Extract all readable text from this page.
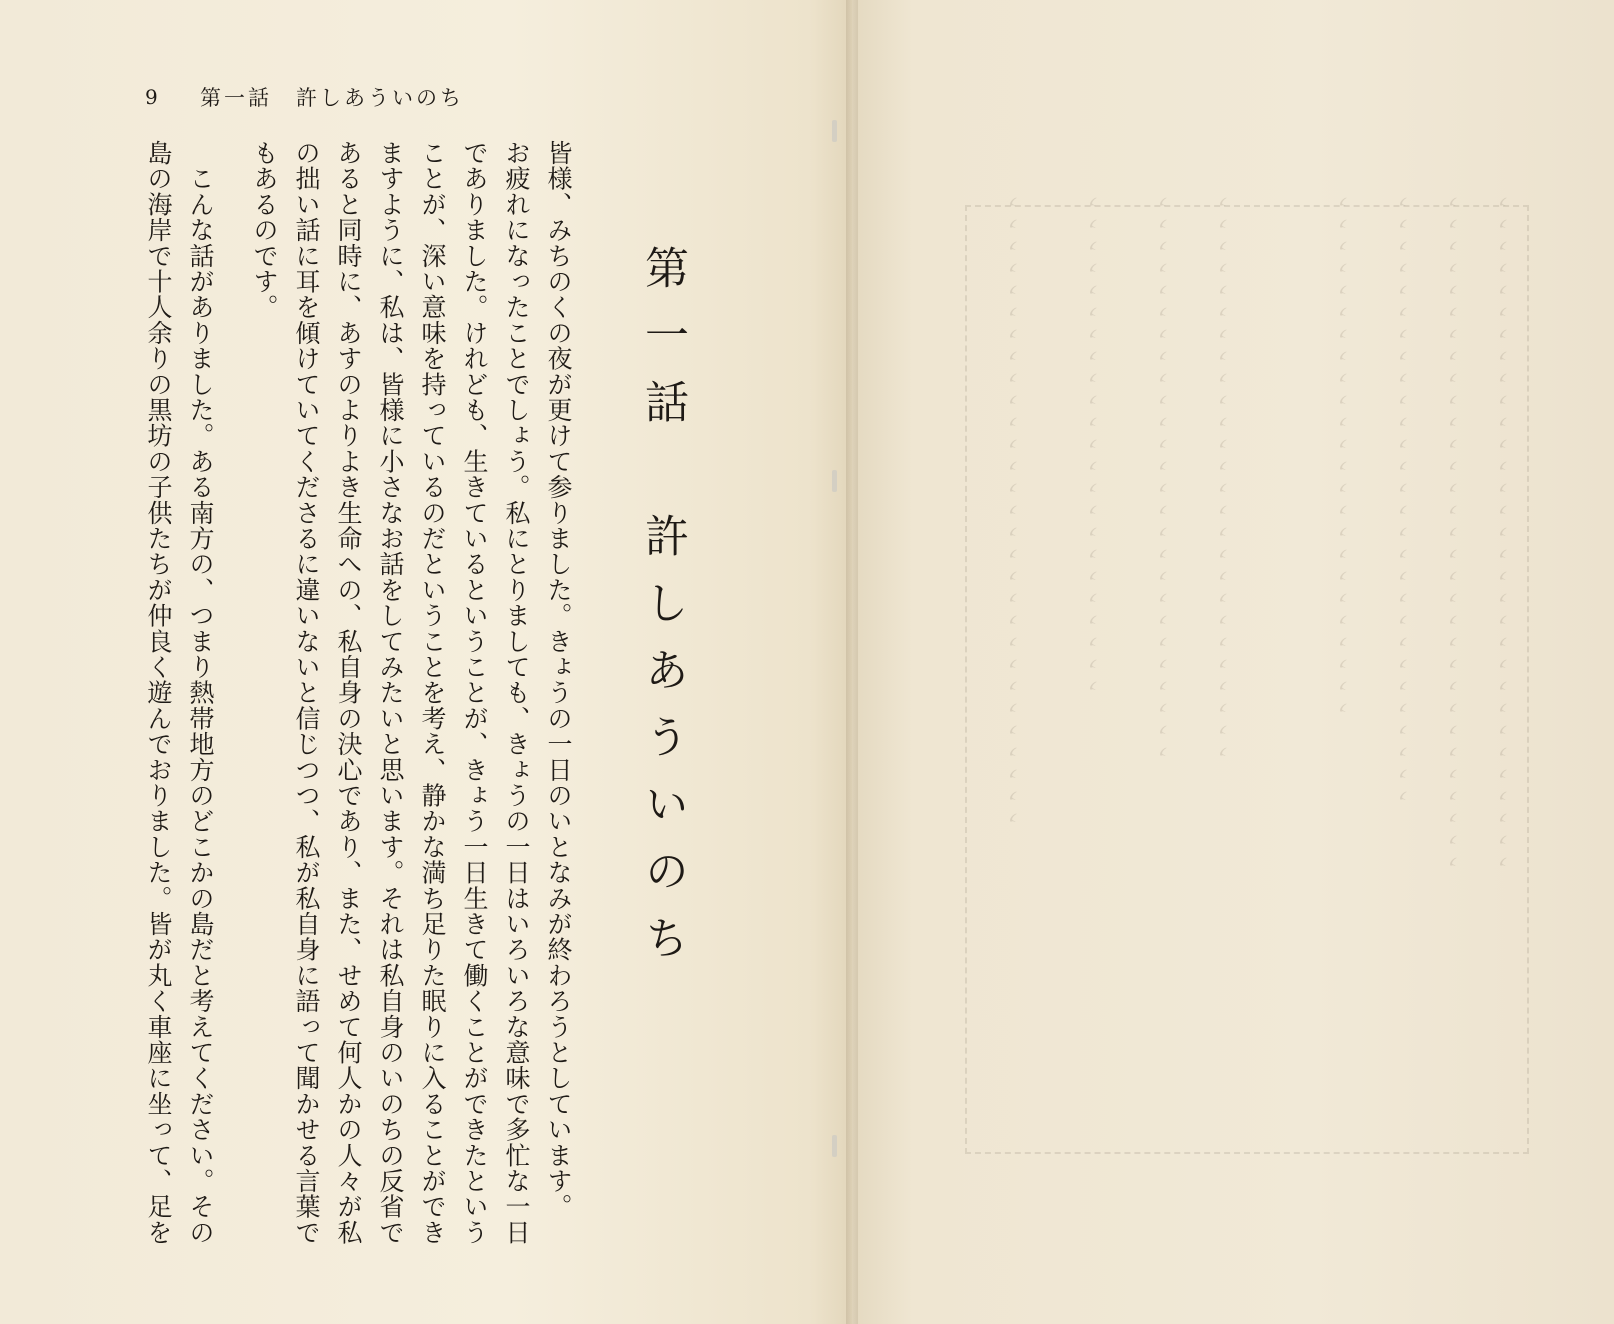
ゝゝゝゝゝゝゝゝゝゝゝゝゝゝゝゝゝゝゝゝゝゝゝゝゝゝゝゝゝゝゝ
ゝゝゝゝゝゝゝゝゝゝゝゝゝゝゝゝゝゝゝゝゝゝゝゝゝゝゝゝゝゝゝ
ゝゝゝゝゝゝゝゝゝゝゝゝゝゝゝゝゝゝゝゝゝゝゝゝゝゝゝゝ
ゝゝゝゝゝゝゝゝゝゝゝゝゝゝゝゝゝゝゝゝゝゝゝゝ
ゝゝゝゝゝゝゝゝゝゝゝゝゝゝゝゝゝゝゝゝゝゝゝゝゝゝ
ゝゝゝゝゝゝゝゝゝゝゝゝゝゝゝゝゝゝゝゝゝゝゝゝゝゝ
ゝゝゝゝゝゝゝゝゝゝゝゝゝゝゝゝゝゝゝゝゝゝゝ
ゝゝゝゝゝゝゝゝゝゝゝゝゝゝゝゝゝゝゝゝゝゝゝゝゝゝゝゝゝ
9	第一話　許しあういのち
第一話　許しあういのち
皆様、みちのくの夜が更けて参りました。きょうの一日のいとなみが終わろうとしています。
お疲れになったことでしょう。私にとりましても、きょうの一日はいろいろな意味で多忙な一日
でありました。けれども、生きているということが、きょう一日生きて働くことができたという
ことが、深い意味を持っているのだということを考え、静かな満ち足りた眠りに入ることができ
ますように、私は、皆様に小さなお話をしてみたいと思います。それは私自身のいのちの反省で
あると同時に、あすのよりよき生命への、私自身の決心であり、また、せめて何人かの人々が私
の拙い話に耳を傾けていてくださるに違いないと信じつつ、私が私自身に語って聞かせる言葉で
もあるのです。
　こんな話がありました。ある南方の、つまり熱帯地方のどこかの島だと考えてください。その
島の海岸で十人余りの黒坊の子供たちが仲良く遊んでおりました。皆が丸く車座に坐って、足を
